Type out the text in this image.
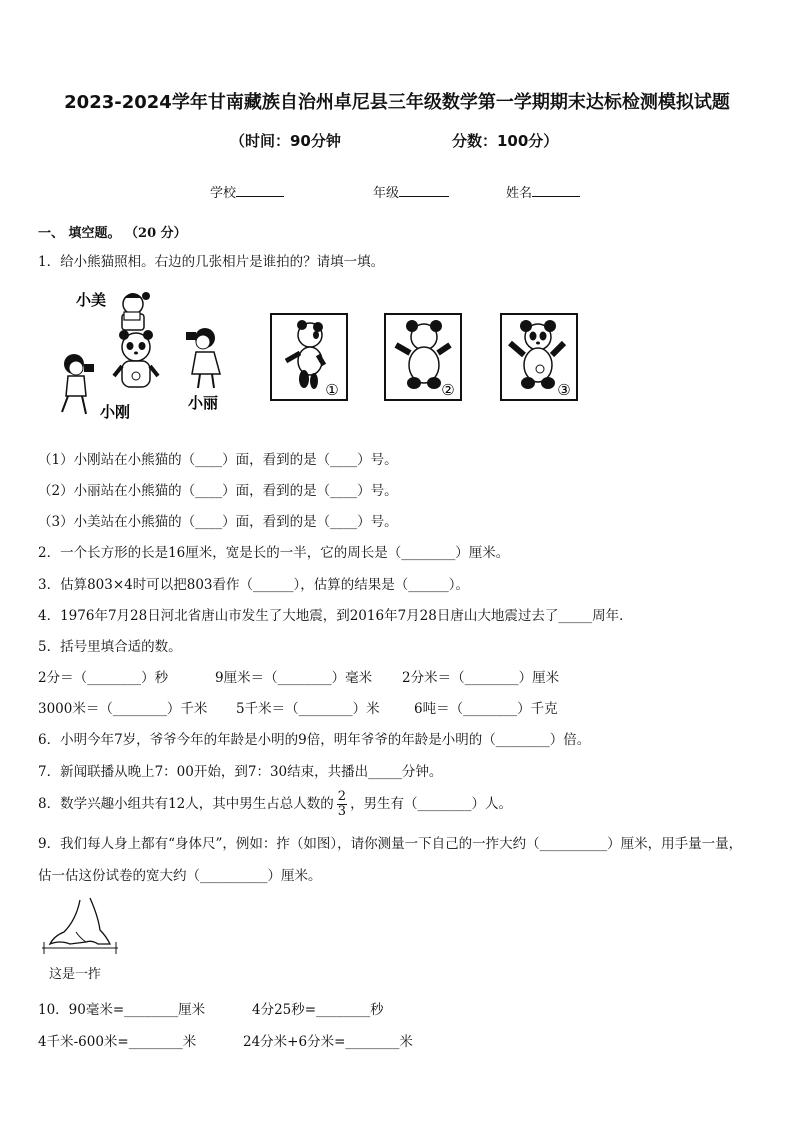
2023-2024学年甘南藏族自治州卓尼县三年级数学第一学期期末达标检测模拟试题
（时间：90分钟	分数：100分）
学校	年级	姓名
一、 填空题。 （20 分）
1．给小熊猫照相。右边的几张相片是谁拍的？请填一填。
小美
小刚	小丽
①	②	③
（1）小刚站在小熊猫的（____）面，看到的是（____）号。
（2）小丽站在小熊猫的（____）面，看到的是（____）号。
（3）小美站在小熊猫的（____）面，看到的是（____）号。
2．一个长方形的长是16厘米，宽是长的一半，它的周长是（________）厘米。
3．估算803×4时可以把803看作（______），估算的结果是（______）。
4．1976年7月28日河北省唐山市发生了大地震，到2016年7月28日唐山大地震过去了_____周年．
5．括号里填合适的数。
2分＝（________）秒	9厘米＝（________）毫米 2分米＝（________）厘米
3000米＝（________）千米 5千米＝（________）米	6吨＝（________）千克
6．小明今年7岁，爷爷今年的年龄是小明的9倍，明年爷爷的年龄是小明的（________）倍。
7．新闻联播从晚上7：00开始，到7：30结束，共播出_____分钟。
8．数学兴趣小组共有12人，其中男生占总人数的 $\frac{2}{3}$ ，男生有（________）人。
9．我们每人身上都有“身体尺”，例如：拃（如图），请你测量一下自己的一拃大约（__________）厘米，用手量一量，
估一估这份试卷的宽大约（__________）厘米。
这是一拃
10．90毫米=________厘米	4分25秒=________秒
4千米-600米=________米	24分米+6分米=________米
